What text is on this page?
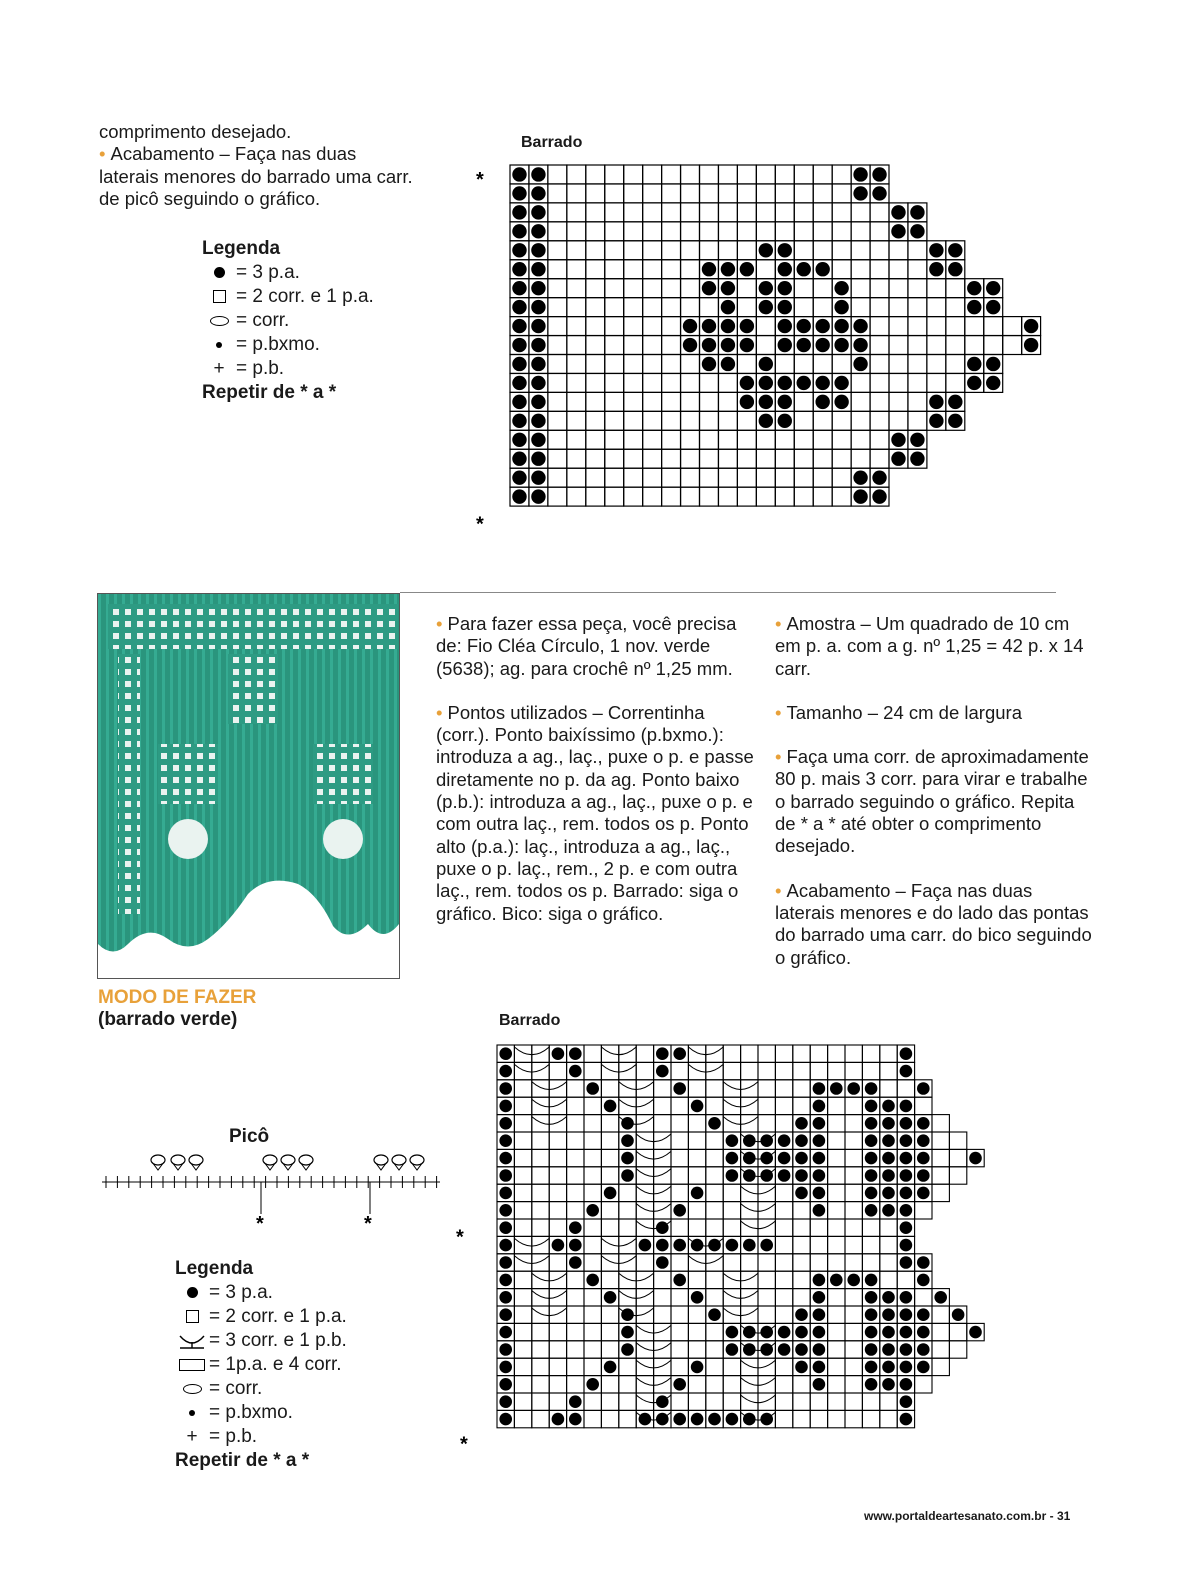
comprimento desejado.
• Acabamento – Faça nas duas laterais menores do barrado uma carr. de picô seguindo o gráfico.
Legenda
= 3 p.a.
= 2 corr. e 1 p.a.
= corr.
= p.bxmo.
+ = p.b.
Repetir de * a *
Barrado
*
*

• Para fazer essa peça, você precisa de: Fio Cléa Círculo, 1 nov. verde (5638); ag. para crochê nº 1,25 mm.

• Pontos utilizados – Correntinha (corr.). Ponto baixíssimo (p.bxmo.): introduza a ag., laç., puxe o p. e passe diretamente no p. da ag. Ponto baixo (p.b.): introduza a ag., laç., puxe o p. e com outra laç., rem. todos os p. Ponto alto (p.a.): laç., introduza a ag., laç., puxe o p. laç., rem., 2 p. e com outra laç., rem. todos os p. Barrado: siga o gráfico. Bico: siga o gráfico.

• Amostra – Um quadrado de 10 cm em p. a. com a g. nº 1,25 = 42 p. x 14 carr.

• Tamanho – 24 cm de largura

• Faça uma corr. de aproximadamente 80 p. mais 3 corr. para virar e trabalhe o barrado seguindo o gráfico. Repita de * a * até obter o comprimento desejado.

• Acabamento – Faça nas duas laterais menores e do lado das pontas do barrado uma carr. do bico seguindo o gráfico.

MODO DE FAZER
(barrado verde)
Picô
*	*
Legenda
= 3 p.a.
= 2 corr. e 1 p.a.
= 3 corr. e 1 p.b.
= 1p.a. e 4 corr.
= corr.
= p.bxmo.
+ = p.b.
Repetir de * a *
Barrado
*
*
www.portaldeartesanato.com.br - 31
